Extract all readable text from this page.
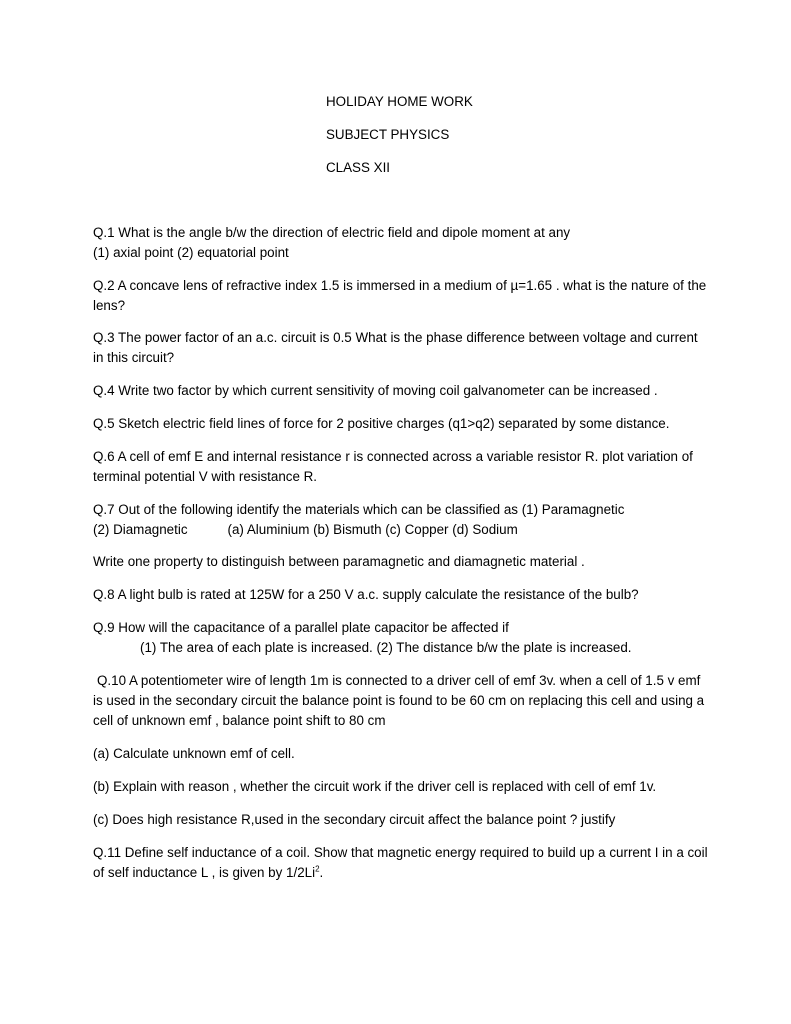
HOLIDAY HOME WORK
SUBJECT PHYSICS
CLASS XII
Q.1 What is the angle b/w the direction of electric field and dipole moment at any
(1) axial point (2) equatorial point
Q.2 A concave lens of refractive index 1.5 is immersed in a medium of µ=1.65 . what is the nature of the
lens?
Q.3 The power factor of an a.c. circuit is 0.5 What is the phase difference between voltage and current
in this circuit?
Q.4 Write two factor by which current sensitivity of moving coil galvanometer can be increased .
Q.5 Sketch electric field lines of force for 2 positive charges (q1>q2) separated by some distance.
Q.6 A cell of emf E and internal resistance r is connected across a variable resistor R. plot variation of
terminal potential V with resistance R.
Q.7 Out of the following identify the materials which can be classified as (1) Paramagnetic
(2) Diamagnetic	(a) Aluminium (b) Bismuth (c) Copper (d) Sodium
Write one property to distinguish between paramagnetic and diamagnetic material .
Q.8 A light bulb is rated at 125W for a 250 V a.c. supply calculate the resistance of the bulb?
Q.9 How will the capacitance of a parallel plate capacitor be affected if
(1) The area of each plate is increased. (2) The distance b/w the plate is increased.
Q.10 A potentiometer wire of length 1m is connected to a driver cell of emf 3v. when a cell of 1.5 v emf
is used in the secondary circuit the balance point is found to be 60 cm on replacing this cell and using a
cell of unknown emf , balance point shift to 80 cm
(a) Calculate unknown emf of cell.
(b) Explain with reason , whether the circuit work if the driver cell is replaced with cell of emf 1v.
(c) Does high resistance R,used in the secondary circuit affect the balance point ? justify
Q.11 Define self inductance of a coil. Show that magnetic energy required to build up a current I in a coil
of self inductance L , is given by 1/2Li$^2$.
